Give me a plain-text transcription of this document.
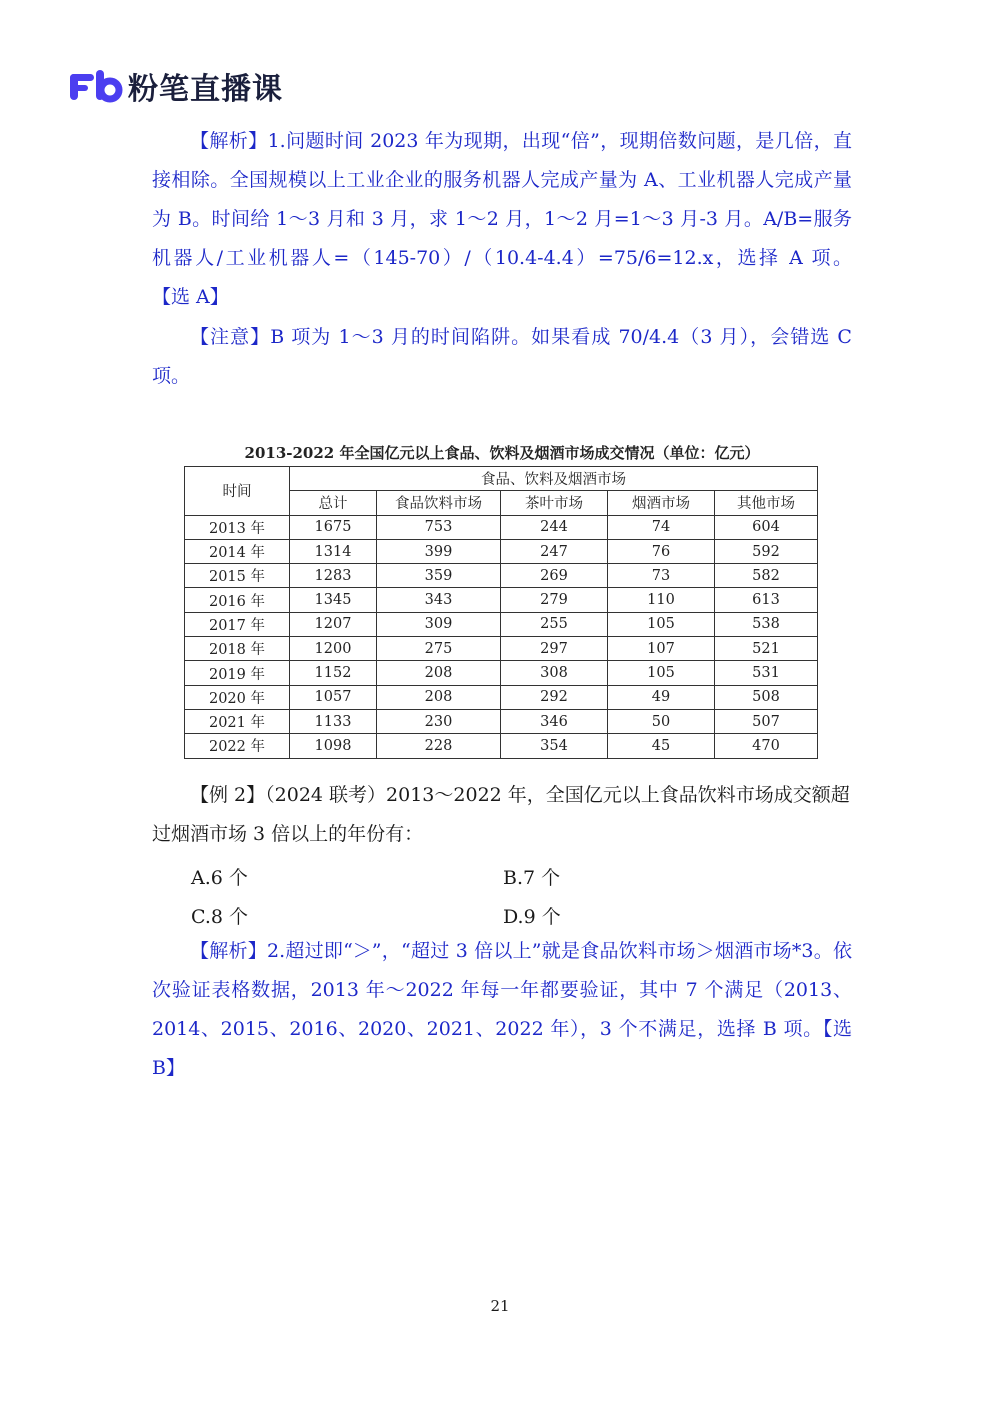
粉笔直播课
【解析】1.问题时间 2023 年为现期，出现“倍”，现期倍数问题，是几倍，直接相除。全国规模以上工业企业的服务机器人完成产量为 A、工业机器人完成产量为 B。时间给 1～3 月和 3 月，求 1～2 月，1～2 月=1～3 月-3 月。A/B=服务机器人/工业机器人=（145-70）/（10.4-4.4）=75/6=12.x，选择 A 项。【选 A】
【注意】B 项为 1～3 月的时间陷阱。如果看成 70/4.4（3 月），会错选 C 项。
2013-2022 年全国亿元以上食品、饮料及烟酒市场成交情况（单位：亿元）
时间	食品、饮料及烟酒市场				
	总计	食品饮料市场	茶叶市场	烟酒市场	其他市场
2013 年	1675	753	244	74	604
2014 年	1314	399	247	76	592
2015 年	1283	359	269	73	582
2016 年	1345	343	279	110	613
2017 年	1207	309	255	105	538
2018 年	1200	275	297	107	521
2019 年	1152	208	308	105	531
2020 年	1057	208	292	49	508
2021 年	1133	230	346	50	507
2022 年	1098	228	354	45	470
【例 2】（2024 联考）2013～2022 年，全国亿元以上食品饮料市场成交额超过烟酒市场 3 倍以上的年份有：
A.6 个	B.7 个
C.8 个	D.9 个
【解析】2.超过即“＞”，“超过 3 倍以上”就是食品饮料市场＞烟酒市场*3。依次验证表格数据，2013 年～2022 年每一年都要验证，其中 7 个满足（2013、2014、2015、2016、2020、2021、2022 年），3 个不满足，选择 B 项。【选 B】
21
